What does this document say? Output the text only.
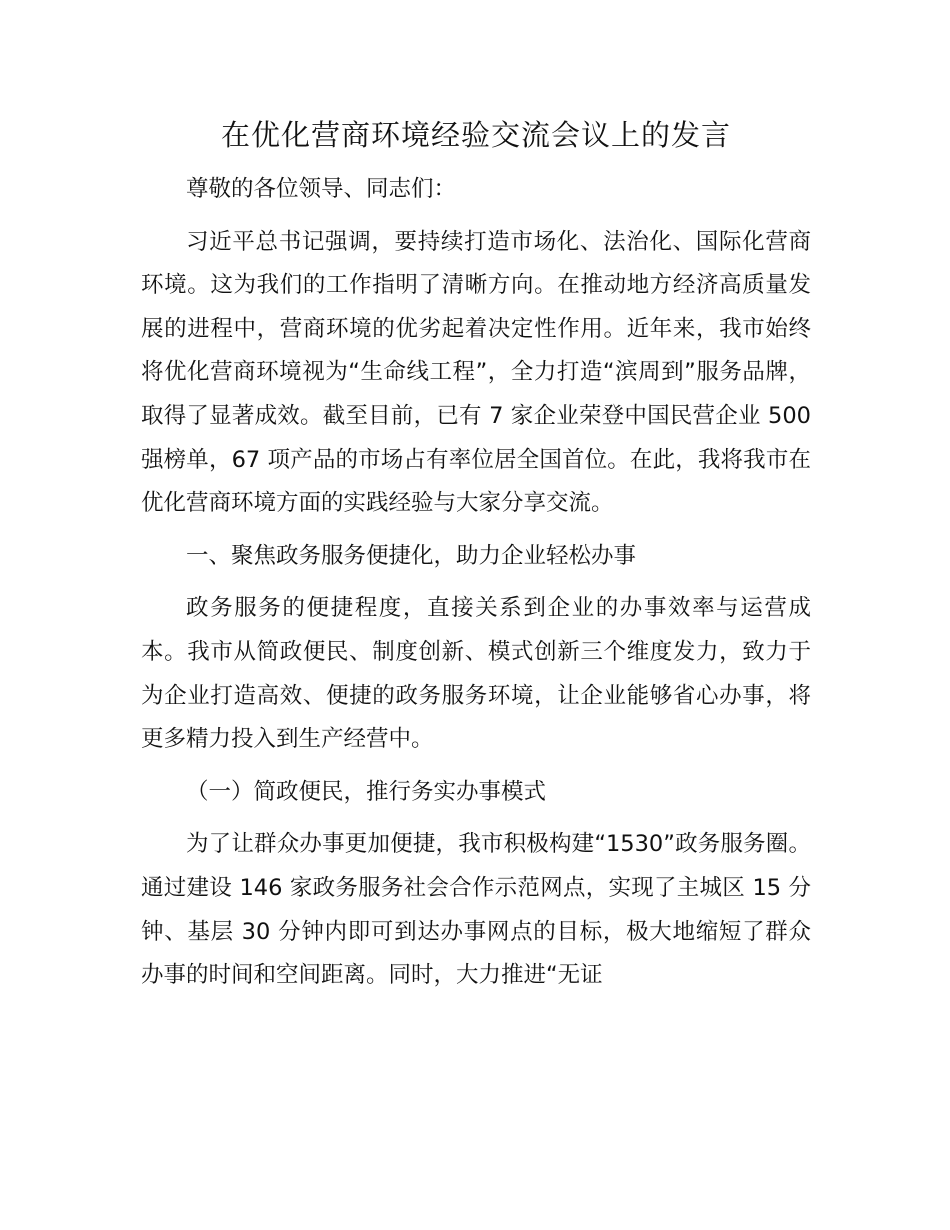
在优化营商环境经验交流会议上的发言

尊敬的各位领导、同志们：

习近平总书记强调，要持续打造市场化、法治化、国际化营商环境。这为我们的工作指明了清晰方向。在推动地方经济高质量发展的进程中，营商环境的优劣起着决定性作用。近年来，我市始终将优化营商环境视为“生命线工程”，全力打造“滨周到”服务品牌，取得了显著成效。截至目前，已有 7 家企业荣登中国民营企业 500 强榜单，67 项产品的市场占有率位居全国首位。在此，我将我市在优化营商环境方面的实践经验与大家分享交流。

一、聚焦政务服务便捷化，助力企业轻松办事

政务服务的便捷程度，直接关系到企业的办事效率与运营成本。我市从简政便民、制度创新、模式创新三个维度发力，致力于为企业打造高效、便捷的政务服务环境，让企业能够省心办事，将更多精力投入到生产经营中。

（一）简政便民，推行务实办事模式

为了让群众办事更加便捷，我市积极构建“1530”政务服务圈。通过建设 146 家政务服务社会合作示范网点，实现了主城区 15 分钟、基层 30 分钟内即可到达办事网点的目标，极大地缩短了群众办事的时间和空间距离。同时，大力推进“无证
